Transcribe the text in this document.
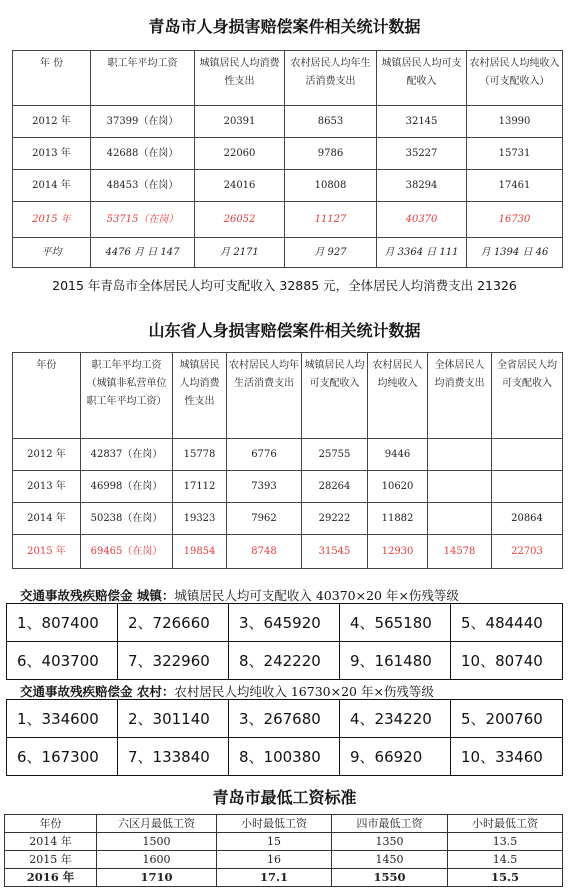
青岛市人身损害赔偿案件相关统计数据
年 份	职工年平均工资	城镇居民人均消费性支出	农村居民人均年生活消费支出	城镇居民人均可支配收入	农村居民人均纯收入（可支配收入）
2012 年	37399（在岗）	20391	8653	32145	13990
2013 年	42688（在岗）	22060	9786	35227	15731
2014 年	48453（在岗）	24016	10808	38294	17461
2015 年	53715（在岗）	26052	11127	40370	16730
平均	4476 月 日 147	月 2171	月 927	月 3364 日 111	月 1394 日 46
2015 年青岛市全体居民人均可支配收入 32885 元，全体居民人均消费支出 21326
山东省人身损害赔偿案件相关统计数据
年份	职工年平均工资（城镇非私营单位职工年平均工资）	城镇居民人均消费性支出	农村居民人均年生活消费支出	城镇居民人均可支配收入	农村居民人均纯收入	全体居民人均消费支出	全省居民人均可支配收入
2012 年	42837（在岗）	15778	6776	25755	9446		
2013 年	46998（在岗）	17112	7393	28264	10620		
2014 年	50238（在岗）	19323	7962	29222	11882		20864
2015 年	69465（在岗）	19854	8748	31545	12930	14578	22703
交通事故残疾赔偿金 城镇：城镇居民人均可支配收入 40370×20 年×伤残等级
1、807400	2、726660	3、645920	4、565180	5、484440
6、403700	7、322960	8、242220	9、161480	10、80740
交通事故残疾赔偿金 农村：农村居民人均纯收入 16730×20 年×伤残等级
1、334600	2、301140	3、267680	4、234220	5、200760
6、167300	7、133840	8、100380	9、66920	10、33460
青岛市最低工资标准
年份	六区月最低工资	小时最低工资	四市最低工资	小时最低工资
2014 年	1500	15	1350	13.5
2015 年	1600	16	1450	14.5
2016 年	1710	17.1	1550	15.5
